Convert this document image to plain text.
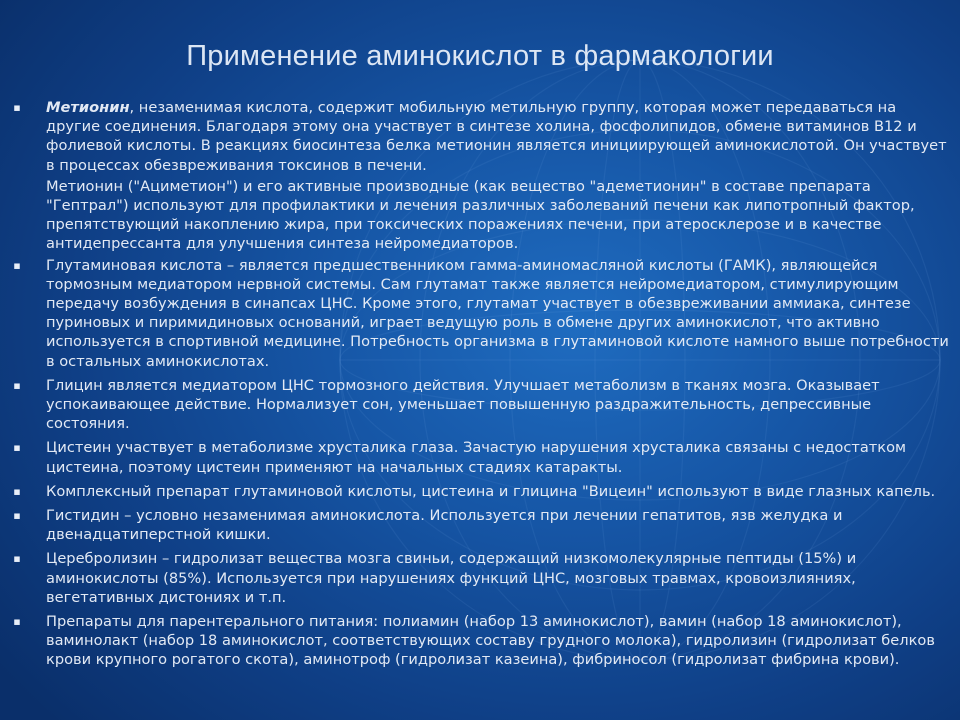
Применение аминокислот в фармакологии
▪ Метионин, незаменимая кислота, содержит мобильную метильную группу, которая может передаваться на другие соединения. Благодаря этому она участвует в синтезе холина, фосфолипидов, обмене витаминов В12 и фолиевой кислоты. В реакциях биосинтеза белка метионин является инициирующей аминокислотой. Он участвует в процессах обезвреживания токсинов в печени.

Метионин ("Ациметион") и его активные производные (как вещество "адеметионин" в составе препарата "Гептрал") используют для профилактики и лечения различных заболеваний печени как липотропный фактор, препятствующий накоплению жира, при токсических поражениях печени, при атеросклерозе и в качестве антидепрессанта для улучшения синтеза нейромедиаторов.

▪ Глутаминовая кислота – является предшественником гамма-аминомасляной кислоты (ГАМК), являющейся тормозным медиатором нервной системы. Сам глутамат также является нейромедиатором, стимулирующим передачу возбуждения в синапсах ЦНС. Кроме этого, глутамат участвует в обезвреживании аммиака, синтезе пуриновых и пиримидиновых оснований, играет ведущую роль в обмене других аминокислот, что активно используется в спортивной медицине. Потребность организма в глутаминовой кислоте намного выше потребности в остальных аминокислотах.

▪ Глицин является медиатором ЦНС тормозного действия. Улучшает метаболизм в тканях мозга. Оказывает успокаивающее действие. Нормализует сон, уменьшает повышенную раздражительность, депрессивные состояния.

▪ Цистеин участвует в метаболизме хрусталика глаза. Зачастую нарушения хрусталика связаны с недостатком цистеина, поэтому цистеин применяют на начальных стадиях катаракты.

▪ Комплексный препарат глутаминовой кислоты, цистеина и глицина "Вицеин" используют в виде глазных капель.

▪ Гистидин – условно незаменимая аминокислота. Используется при лечении гепатитов, язв желудка и двенадцатиперстной кишки.

▪ Церебролизин – гидролизат вещества мозга свиньи, содержащий низкомолекулярные пептиды (15%) и аминокислоты (85%). Используется при нарушениях функций ЦНС, мозговых травмах, кровоизлияниях, вегетативных дистониях и т.п.

▪ Препараты для парентерального питания: полиамин (набор 13 аминокислот), вамин (набор 18 аминокислот), ваминолакт (набор 18 аминокислот, соответствующих составу грудного молока), гидролизин (гидролизат белков крови крупного рогатого скота), аминотроф (гидролизат казеина), фибриносол (гидролизат фибрина крови).
